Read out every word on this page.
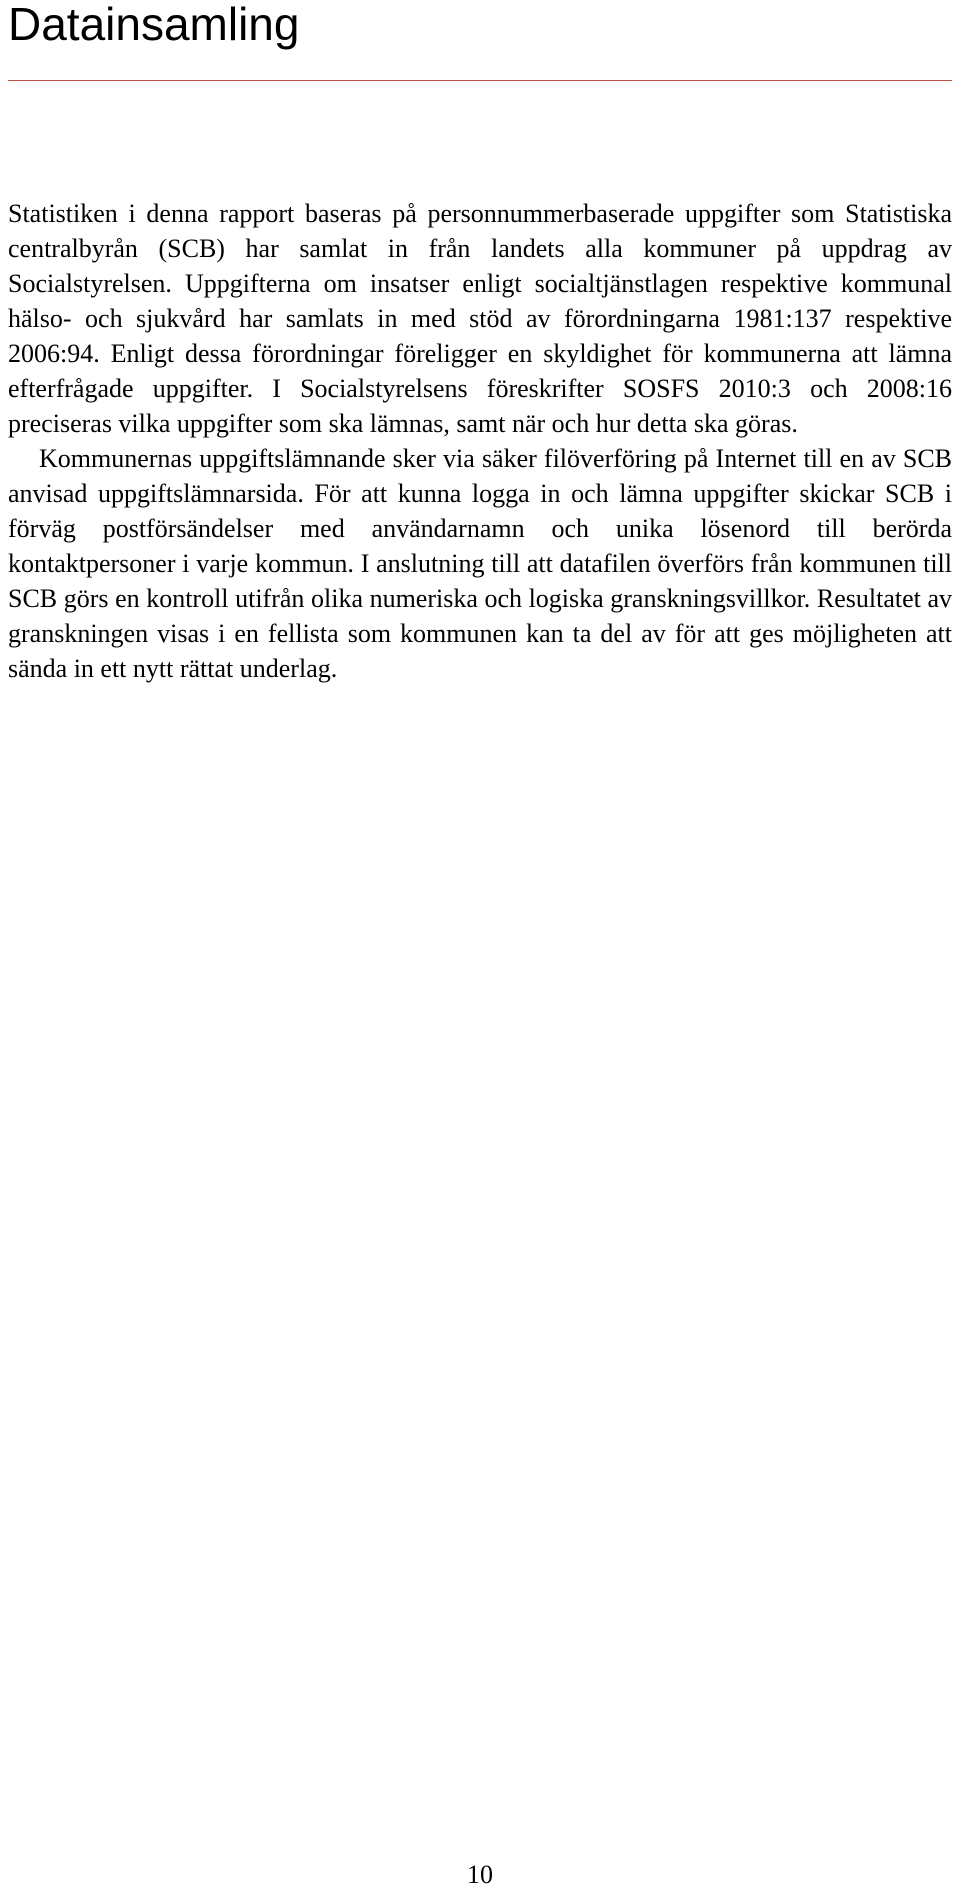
Datainsamling

Statistiken i denna rapport baseras på personnummerbaserade uppgifter som Statistiska centralbyrån (SCB) har samlat in från landets alla kommuner på uppdrag av Socialstyrelsen. Uppgifterna om insatser enligt socialtjänstlagen respektive kommunal hälso- och sjukvård har samlats in med stöd av förordningarna 1981:137 respektive 2006:94. Enligt dessa förordningar föreligger en skyldighet för kommunerna att lämna efterfrågade uppgifter. I Socialstyrelsens föreskrifter SOSFS 2010:3 och 2008:16 preciseras vilka uppgifter som ska lämnas, samt när och hur detta ska göras.

Kommunernas uppgiftslämnande sker via säker filöverföring på Internet till en av SCB anvisad uppgiftslämnarsida. För att kunna logga in och lämna uppgifter skickar SCB i förväg postförsändelser med användarnamn och unika lösenord till berörda kontaktpersoner i varje kommun. I anslutning till att datafilen överförs från kommunen till SCB görs en kontroll utifrån olika numeriska och logiska granskningsvillkor. Resultatet av granskningen visas i en fellista som kommunen kan ta del av för att ges möjligheten att sända in ett nytt rättat underlag.

10
